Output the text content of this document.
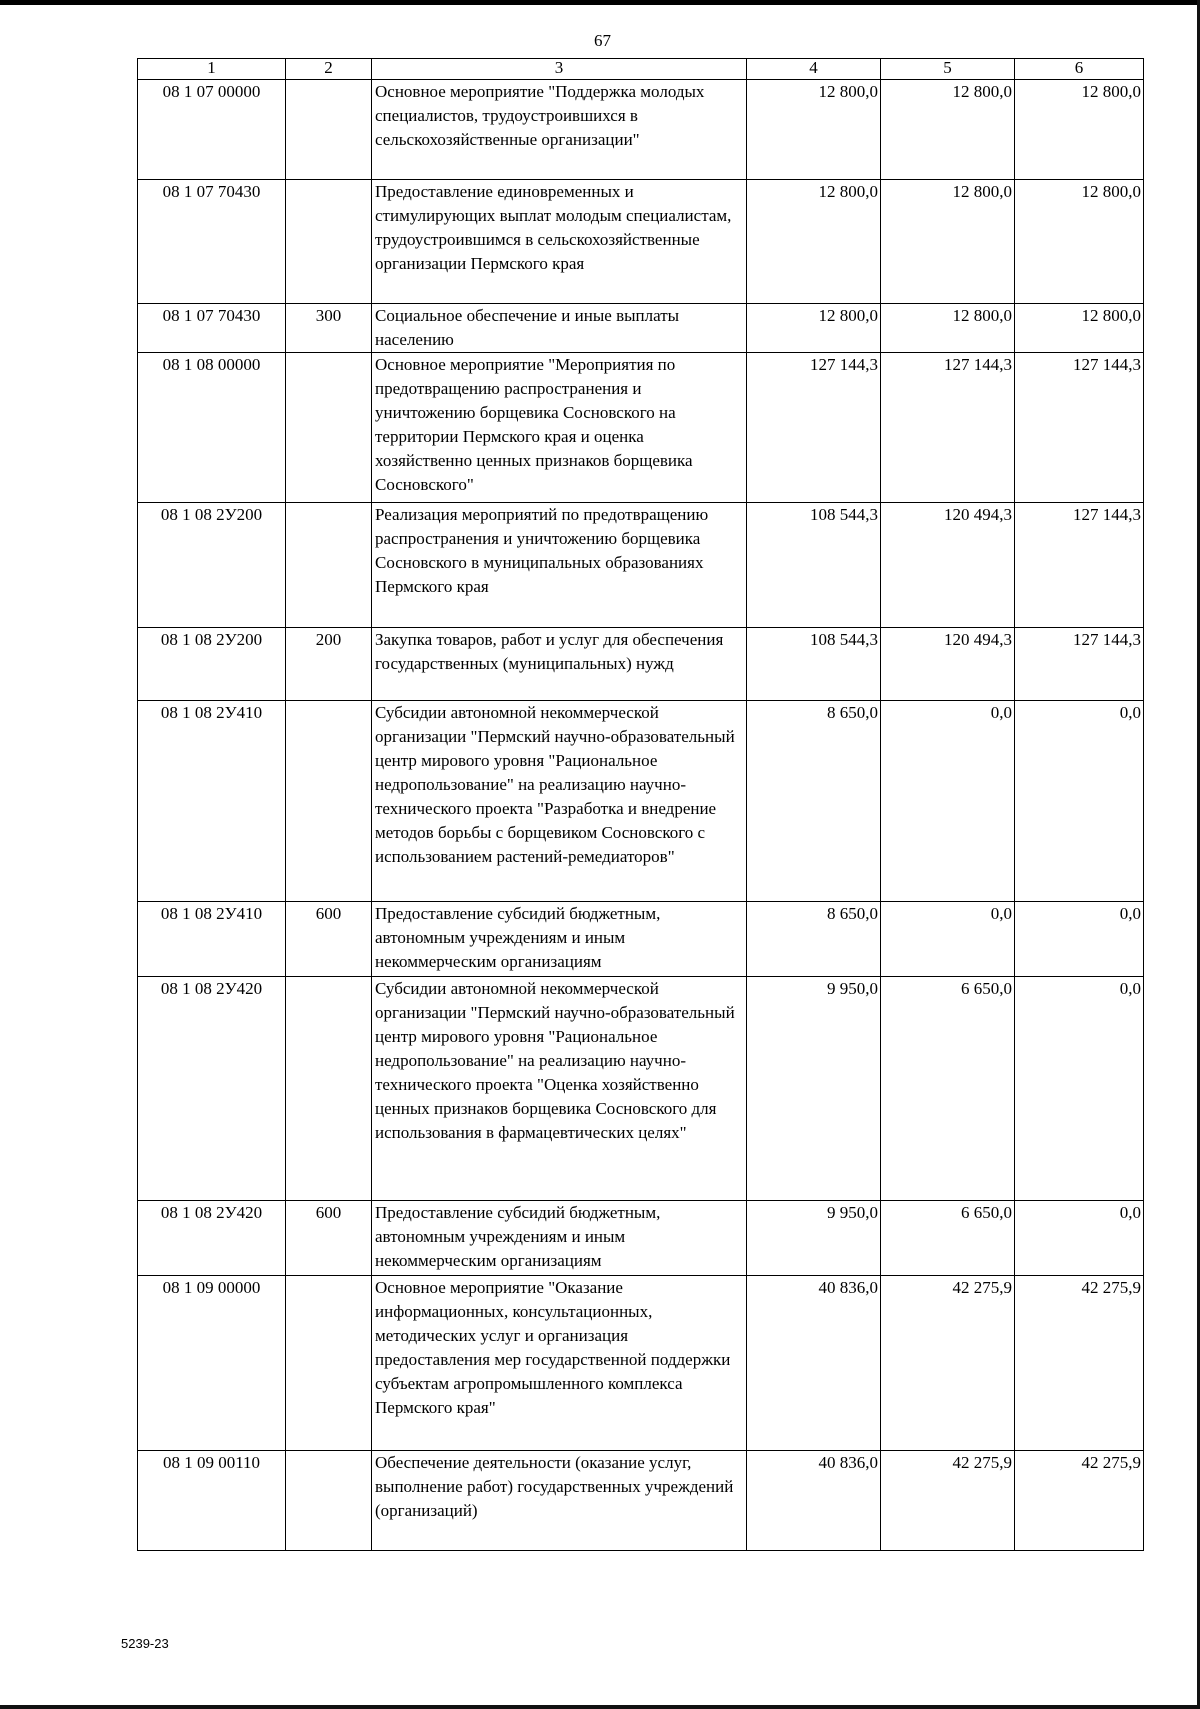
67
1	2	3	4	5	6
08 1 07 00000		Основное мероприятие "Поддержка молодых специалистов, трудоустроившихся в сельскохозяйственные организации"	12 800,0	12 800,0	12 800,0
08 1 07 70430		Предоставление единовременных и стимулирующих выплат молодым специалистам, трудоустроившимся в сельскохозяйственные организации Пермского края	12 800,0	12 800,0	12 800,0
08 1 07 70430	300	Социальное обеспечение и иные выплаты населению	12 800,0	12 800,0	12 800,0
08 1 08 00000		Основное мероприятие "Мероприятия по предотвращению распространения и уничтожению борщевика Сосновского на территории Пермского края и оценка хозяйственно ценных признаков борщевика Сосновского"	127 144,3	127 144,3	127 144,3
08 1 08 2У200		Реализация мероприятий по предотвращению распространения и уничтожению борщевика Сосновского в муниципальных образованиях Пермского края	108 544,3	120 494,3	127 144,3
08 1 08 2У200	200	Закупка товаров, работ и услуг для обеспечения государственных (муниципальных) нужд	108 544,3	120 494,3	127 144,3
08 1 08 2У410		Субсидии автономной некоммерческой организации "Пермский научно-образовательный центр мирового уровня "Рациональное недропользование" на реализацию научно-технического проекта "Разработка и внедрение методов борьбы с борщевиком Сосновского с использованием растений-ремедиаторов"	8 650,0	0,0	0,0
08 1 08 2У410	600	Предоставление субсидий бюджетным, автономным учреждениям и иным некоммерческим организациям	8 650,0	0,0	0,0
08 1 08 2У420		Субсидии автономной некоммерческой организации "Пермский научно-образовательный центр мирового уровня "Рациональное недропользование" на реализацию научно-технического проекта "Оценка хозяйственно ценных признаков борщевика Сосновского для использования в фармацевтических целях"	9 950,0	6 650,0	0,0
08 1 08 2У420	600	Предоставление субсидий бюджетным, автономным учреждениям и иным некоммерческим организациям	9 950,0	6 650,0	0,0
08 1 09 00000		Основное мероприятие "Оказание информационных, консультационных, методических услуг и организация предоставления мер государственной поддержки субъектам агропромышленного комплекса Пермского края"	40 836,0	42 275,9	42 275,9
08 1 09 00110		Обеспечение деятельности (оказание услуг, выполнение работ) государственных учреждений (организаций)	40 836,0	42 275,9	42 275,9
5239-23
